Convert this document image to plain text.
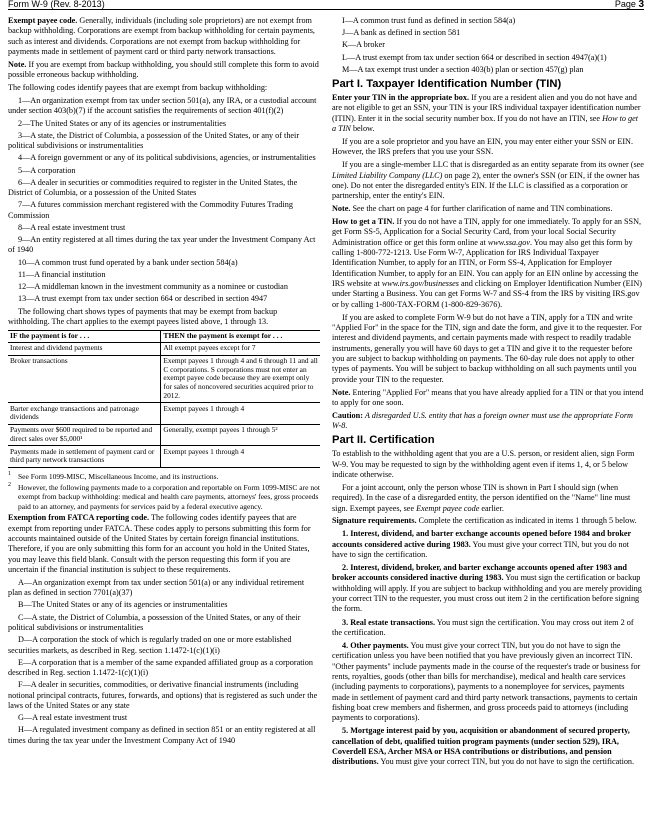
Form W-9 (Rev. 8-2013)	Page 3

Exempt payee code. Generally, individuals (including sole proprietors) are not exempt from backup withholding. Corporations are exempt from backup withholding for certain payments, such as interest and dividends. Corporations are not exempt from backup withholding for payments made in settlement of payment card or third party network transactions.

Note. If you are exempt from backup withholding, you should still complete this form to avoid possible erroneous backup withholding.

The following codes identify payees that are exempt from backup withholding:

1—An organization exempt from tax under section 501(a), any IRA, or a custodial account under section 403(b)(7) if the account satisfies the requirements of section 401(f)(2)
2—The United States or any of its agencies or instrumentalities
3—A state, the District of Columbia, a possession of the United States, or any of their political subdivisions or instrumentalities
4—A foreign government or any of its political subdivisions, agencies, or instrumentalities
5—A corporation
6—A dealer in securities or commodities required to register in the United States, the District of Columbia, or a possession of the United States
7—A futures commission merchant registered with the Commodity Futures Trading Commission
8—A real estate investment trust
9—An entity registered at all times during the tax year under the Investment Company Act of 1940
10—A common trust fund operated by a bank under section 584(a)
11—A financial institution
12—A middleman known in the investment community as a nominee or custodian
13—A trust exempt from tax under section 664 or described in section 4947

The following chart shows types of payments that may be exempt from backup withholding. The chart applies to the exempt payees listed above, 1 through 13.

IF the payment is for . . .	THEN the payment is exempt for . . .
Interest and dividend payments	All exempt payees except for 7
Broker transactions	Exempt payees 1 through 4 and 6 through 11 and all C corporations. S corporations must not enter an exempt payee code because they are exempt only for sales of noncovered securities acquired prior to 2012.
Barter exchange transactions and patronage dividends	Exempt payees 1 through 4
Payments over $600 required to be reported and direct sales over $5,000¹	Generally, exempt payees 1 through 5²
Payments made in settlement of payment card or third party network transactions	Exempt payees 1 through 4
1 See Form 1099-MISC, Miscellaneous Income, and its instructions.
2 However, the following payments made to a corporation and reportable on Form 1099-MISC are not exempt from backup withholding: medical and health care payments, attorneys' fees, gross proceeds paid to an attorney, and payments for services paid by a federal executive agency.

Exemption from FATCA reporting code. The following codes identify payees that are exempt from reporting under FATCA. These codes apply to persons submitting this form for accounts maintained outside of the United States by certain foreign financial institutions. Therefore, if you are only submitting this form for an account you hold in the United States, you may leave this field blank. Consult with the person requesting this form if you are uncertain if the financial institution is subject to these requirements.

A—An organization exempt from tax under section 501(a) or any individual retirement plan as defined in section 7701(a)(37)
B—The United States or any of its agencies or instrumentalities
C—A state, the District of Columbia, a possession of the United States, or any of their political subdivisions or instrumentalities
D—A corporation the stock of which is regularly traded on one or more established securities markets, as described in Reg. section 1.1472-1(c)(1)(i)
E—A corporation that is a member of the same expanded affiliated group as a corporation described in Reg. section 1.1472-1(c)(1)(i)
F—A dealer in securities, commodities, or derivative financial instruments (including notional principal contracts, futures, forwards, and options) that is registered as such under the laws of the United States or any state
G—A real estate investment trust
H—A regulated investment company as defined in section 851 or an entity registered at all times during the tax year under the Investment Company Act of 1940
I—A common trust fund as defined in section 584(a)
J—A bank as defined in section 581
K—A broker
L—A trust exempt from tax under section 664 or described in section 4947(a)(1)
M—A tax exempt trust under a section 403(b) plan or section 457(g) plan
Part I. Taxpayer Identification Number (TIN)

Enter your TIN in the appropriate box. If you are a resident alien and you do not have and are not eligible to get an SSN, your TIN is your IRS individual taxpayer identification number (ITIN). Enter it in the social security number box. If you do not have an ITIN, see How to get a TIN below.

If you are a sole proprietor and you have an EIN, you may enter either your SSN or EIN. However, the IRS prefers that you use your SSN.

If you are a single-member LLC that is disregarded as an entity separate from its owner (see Limited Liability Company (LLC) on page 2), enter the owner's SSN (or EIN, if the owner has one). Do not enter the disregarded entity's EIN. If the LLC is classified as a corporation or partnership, enter the entity's EIN.

Note. See the chart on page 4 for further clarification of name and TIN combinations.

How to get a TIN. If you do not have a TIN, apply for one immediately. To apply for an SSN, get Form SS-5, Application for a Social Security Card, from your local Social Security Administration office or get this form online at www.ssa.gov. You may also get this form by calling 1-800-772-1213. Use Form W-7, Application for IRS Individual Taxpayer Identification Number, to apply for an ITIN, or Form SS-4, Application for Employer Identification Number, to apply for an EIN. You can apply for an EIN online by accessing the IRS website at www.irs.gov/businesses and clicking on Employer Identification Number (EIN) under Starting a Business. You can get Forms W-7 and SS-4 from the IRS by visiting IRS.gov or by calling 1-800-TAX-FORM (1-800-829-3676).

If you are asked to complete Form W-9 but do not have a TIN, apply for a TIN and write "Applied For" in the space for the TIN, sign and date the form, and give it to the requester. For interest and dividend payments, and certain payments made with respect to readily tradable instruments, generally you will have 60 days to get a TIN and give it to the requester before you are subject to backup withholding on payments. The 60-day rule does not apply to other types of payments. You will be subject to backup withholding on all such payments until you provide your TIN to the requester.

Note. Entering "Applied For" means that you have already applied for a TIN or that you intend to apply for one soon.

Caution: A disregarded U.S. entity that has a foreign owner must use the appropriate Form W-8.

Part II. Certification

To establish to the withholding agent that you are a U.S. person, or resident alien, sign Form W-9. You may be requested to sign by the withholding agent even if items 1, 4, or 5 below indicate otherwise.

For a joint account, only the person whose TIN is shown in Part I should sign (when required). In the case of a disregarded entity, the person identified on the "Name" line must sign. Exempt payees, see Exempt payee code earlier.

Signature requirements. Complete the certification as indicated in items 1 through 5 below.

1. Interest, dividend, and barter exchange accounts opened before 1984 and broker accounts considered active during 1983. You must give your correct TIN, but you do not have to sign the certification.
2. Interest, dividend, broker, and barter exchange accounts opened after 1983 and broker accounts considered inactive during 1983. You must sign the certification or backup withholding will apply. If you are subject to backup withholding and you are merely providing your correct TIN to the requester, you must cross out item 2 in the certification before signing the form.
3. Real estate transactions. You must sign the certification. You may cross out item 2 of the certification.
4. Other payments. You must give your correct TIN, but you do not have to sign the certification unless you have been notified that you have previously given an incorrect TIN. "Other payments" include payments made in the course of the requester's trade or business for rents, royalties, goods (other than bills for merchandise), medical and health care services (including payments to corporations), payments to a nonemployee for services, payments made in settlement of payment card and third party network transactions, payments to certain fishing boat crew members and fishermen, and gross proceeds paid to attorneys (including payments to corporations).
5. Mortgage interest paid by you, acquisition or abandonment of secured property, cancellation of debt, qualified tuition program payments (under section 529), IRA, Coverdell ESA, Archer MSA or HSA contributions or distributions, and pension distributions. You must give your correct TIN, but you do not have to sign the certification.
